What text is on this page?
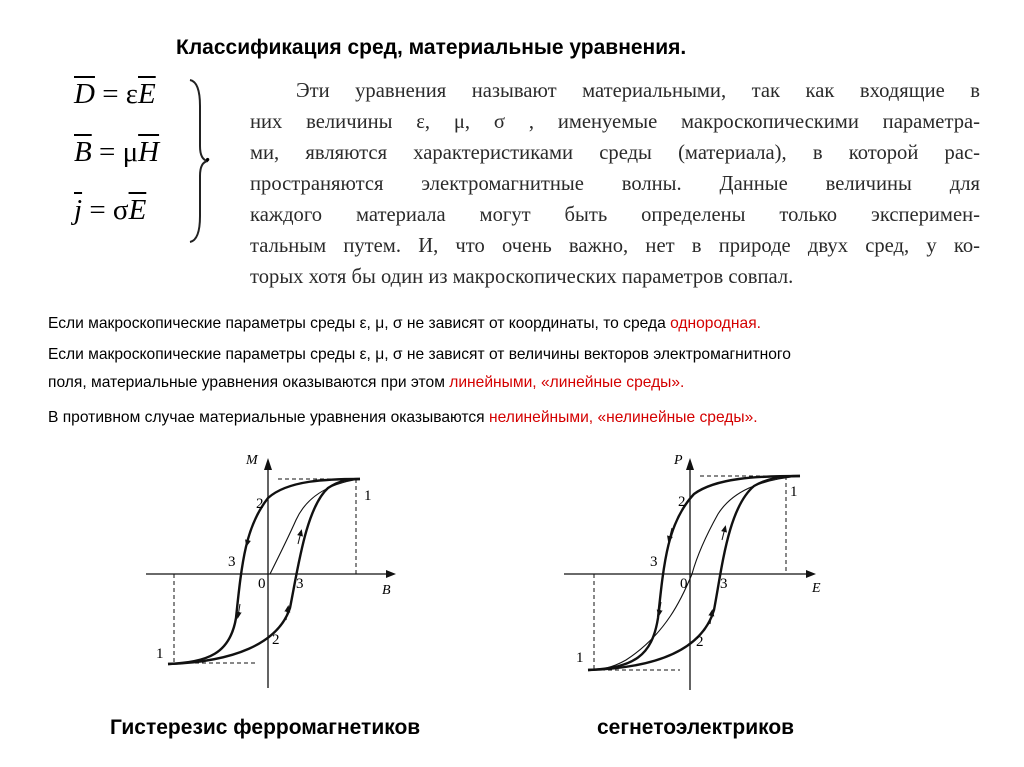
Классификация сред, материальные уравнения.
$\overline{D} = \varepsilon\overline{E}$
$\overline{B} = \mu\overline{H}$
$\overline{j} = \sigma\overline{E}$
.
Эти уравнения называют материальными, так как входящие в
них величины ε, μ, σ , именуемые макроскопическими параметра-
ми, являются характеристиками среды (материала), в которой рас-
пространяются электромагнитные волны. Данные величины для
каждого материала могут быть определены только эксперимен-
тальным путем. И, что очень важно, нет в природе двух сред, у ко-
торых хотя бы один из макроскопических параметров совпал.
Если макроскопические параметры среды ε, μ, σ не зависят от координаты, то среда однородная.
Если макроскопические параметры среды ε, μ, σ не зависят от величины векторов электромагнитного
поля, материальные уравнения оказываются при этом линейными, «линейные среды».
В противном случае материальные уравнения оказываются нелинейными, «нелинейные среды».
M
B
0
1
2
3
3
2
1
P
E
0
1
2
3
3
2
1
Гистерезис ферромагнетиков	сегнетоэлектриков
